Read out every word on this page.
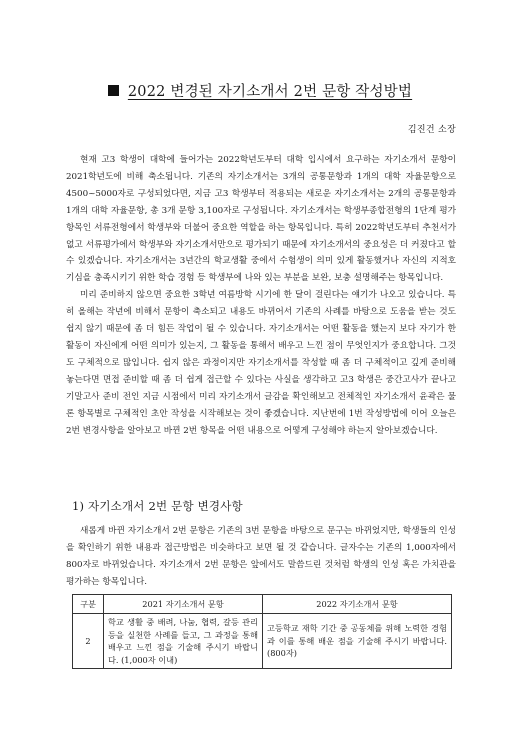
2022 변경된 자기소개서 2번 문항 작성방법
김진건 소장

현재 고3 학생이 대학에 들어가는 2022학년도부터 대학 입시에서 요구하는 자기소개서 문항이 2021학년도에 비해 축소됩니다. 기존의 자기소개서는 3개의 공통문항과 1개의 대학 자율문항으로 4500~5000자로 구성되었다면, 지금 고3 학생부터 적용되는 새로운 자기소개서는 2개의 공통문항과 1개의 대학 자율문항, 총 3개 문항 3,100자로 구성됩니다. 자기소개서는 학생부종합전형의 1단계 평가 항목인 서류전형에서 학생부와 더불어 중요한 역할을 하는 항목입니다. 특히 2022학년도부터 추천서가 없고 서류평가에서 학생부와 자기소개서만으로 평가되기 때문에 자기소개서의 중요성은 더 커졌다고 할 수 있겠습니다. 자기소개서는 3년간의 학교생활 중에서 수험생이 의미 있게 활동했거나 자신의 지적호기심을 충족시키기 위한 학습 경험 등 학생부에 나와 있는 부분을 보완, 보충 설명해주는 항목입니다.

미리 준비하지 않으면 중요한 3학년 여름방학 시기에 한 달이 걸린다는 얘기가 나오고 있습니다. 특히 올해는 작년에 비해서 문항이 축소되고 내용도 바뀌어서 기존의 사례를 바탕으로 도움을 받는 것도 쉽지 않기 때문에 좀 더 힘든 작업이 될 수 있습니다. 자기소개서는 어떤 활동을 했는지 보다 자기가 한 활동이 자신에게 어떤 의미가 있는지, 그 활동을 통해서 배우고 느낀 점이 무엇인지가 중요합니다. 그것도 구체적으로 많입니다. 쉽지 않은 과정이지만 자기소개서를 작성할 때 좀 더 구체적이고 깊게 준비해 놓는다면 면접 준비할 때 좀 더 쉽게 접근할 수 있다는 사실을 생각하고 고3 학생은 중간고사가 끝나고 기말고사 준비 전인 지금 시점에서 미리 자기소개서 글감을 확인해보고 전체적인 자기소개서 윤곽은 물론 항목별로 구체적인 초안 작성을 시작해보는 것이 좋겠습니다. 지난번에 1번 작성방법에 이어 오늘은 2번 변경사항을 알아보고 바뀐 2번 항목을 어떤 내용으로 어떻게 구성해야 하는지 알아보겠습니다.

1) 자기소개서 2번 문항 변경사항

새롭게 바뀐 자기소개서 2번 문항은 기존의 3번 문항을 바탕으로 문구는 바뀌었지만, 학생들의 인성을 확인하기 위한 내용과 접근방법은 비슷하다고 보면 될 것 같습니다. 글자수는 기존의 1,000자에서 800자로 바뀌었습니다. 자기소개서 2번 문항은 앞에서도 말씀드린 것처럼 학생의 인성 혹은 가치관을 평가하는 항목입니다.

구분	2021 자기소개서 문항	2022 자기소개서 문항
2	학교 생활 중 배려, 나눔, 협력, 갈등 관리 등을 실천한 사례를 들고, 그 과정을 통해 배우고 느낀 점을 기술해 주시기 바랍니다. (1,000자 이내)	고등학교 재학 기간 중 공동체를 위해 노력한 경험과 이를 통해 배운 점을 기술해 주시기 바랍니다.(800자)
